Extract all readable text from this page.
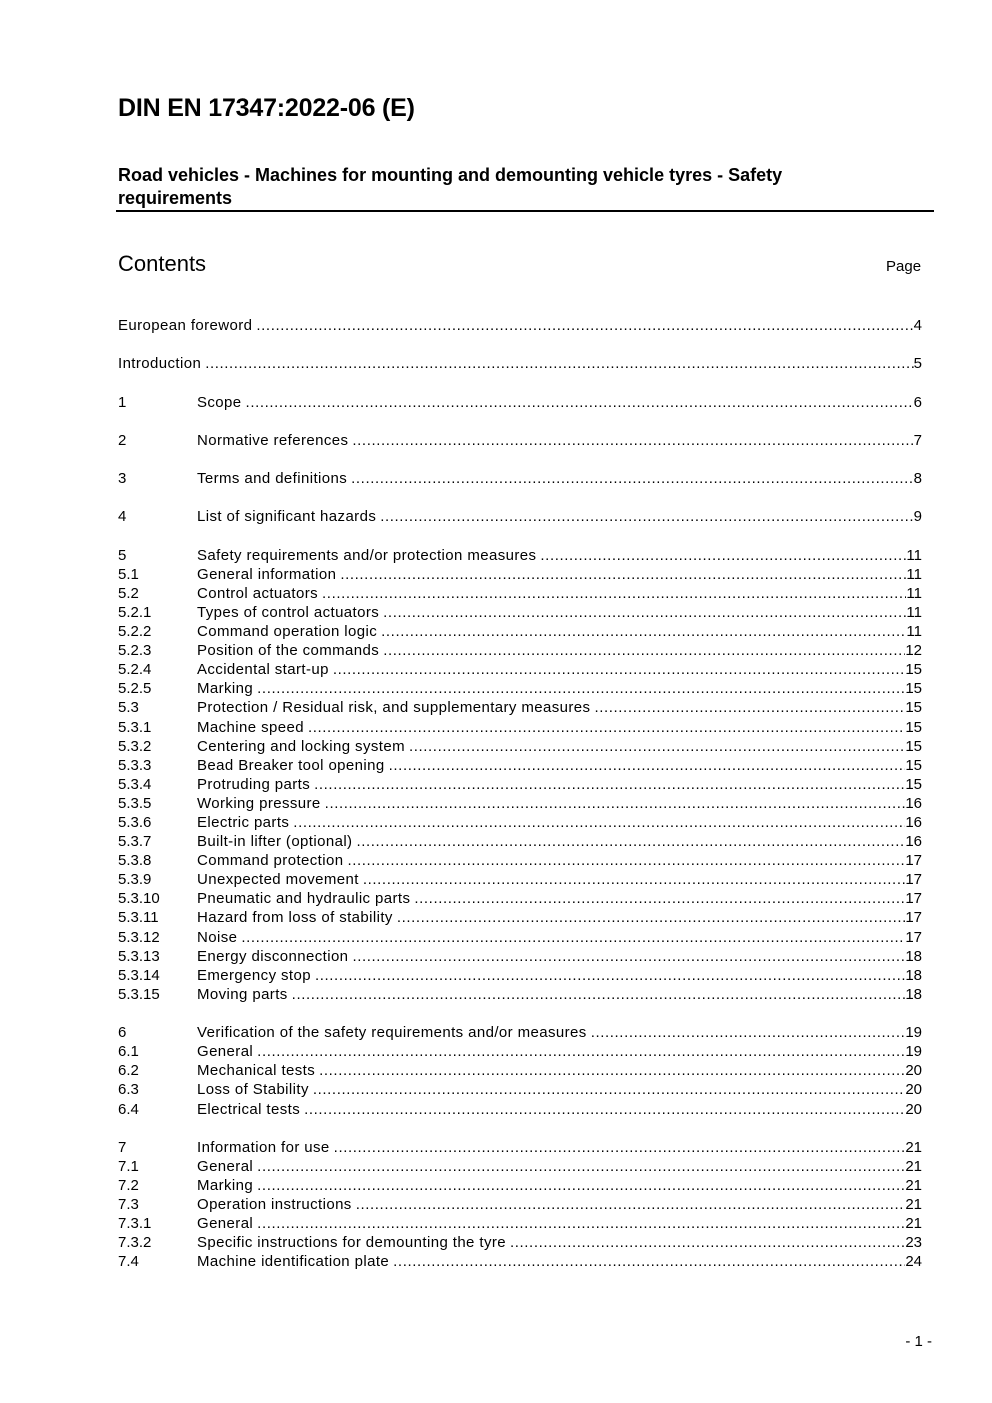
DIN EN 17347:2022-06 (E)
Road vehicles - Machines for mounting and demounting vehicle tyres - Safety requirements
Contents	Page
European foreword .....	4
Introduction .....	5
1	Scope .....	6
2	Normative references .....	7
3	Terms and definitions .....	8
4	List of significant hazards .....	9
5	Safety requirements and/or protection measures .....	11
5.1	General information .....	11
5.2	Control actuators .....	11
5.2.1	Types of control actuators .....	11
5.2.2	Command operation logic .....	11
5.2.3	Position of the commands .....	12
5.2.4	Accidental start-up .....	15
5.2.5	Marking .....	15
5.3	Protection / Residual risk, and supplementary measures .....	15
5.3.1	Machine speed .....	15
5.3.2	Centering and locking system .....	15
5.3.3	Bead Breaker tool opening .....	15
5.3.4	Protruding parts .....	15
5.3.5	Working pressure .....	16
5.3.6	Electric parts .....	16
5.3.7	Built-in lifter (optional) .....	16
5.3.8	Command protection .....	17
5.3.9	Unexpected movement .....	17
5.3.10	Pneumatic and hydraulic parts .....	17
5.3.11	Hazard from loss of stability .....	17
5.3.12	Noise .....	17
5.3.13	Energy disconnection .....	18
5.3.14	Emergency stop .....	18
5.3.15	Moving parts .....	18
6	Verification of the safety requirements and/or measures .....	19
6.1	General .....	19
6.2	Mechanical tests .....	20
6.3	Loss of Stability .....	20
6.4	Electrical tests .....	20
7	Information for use .....	21
7.1	General .....	21
7.2	Marking .....	21
7.3	Operation instructions .....	21
7.3.1	General .....	21
7.3.2	Specific instructions for demounting the tyre .....	23
7.4	Machine identification plate .....	24
- 1 -
